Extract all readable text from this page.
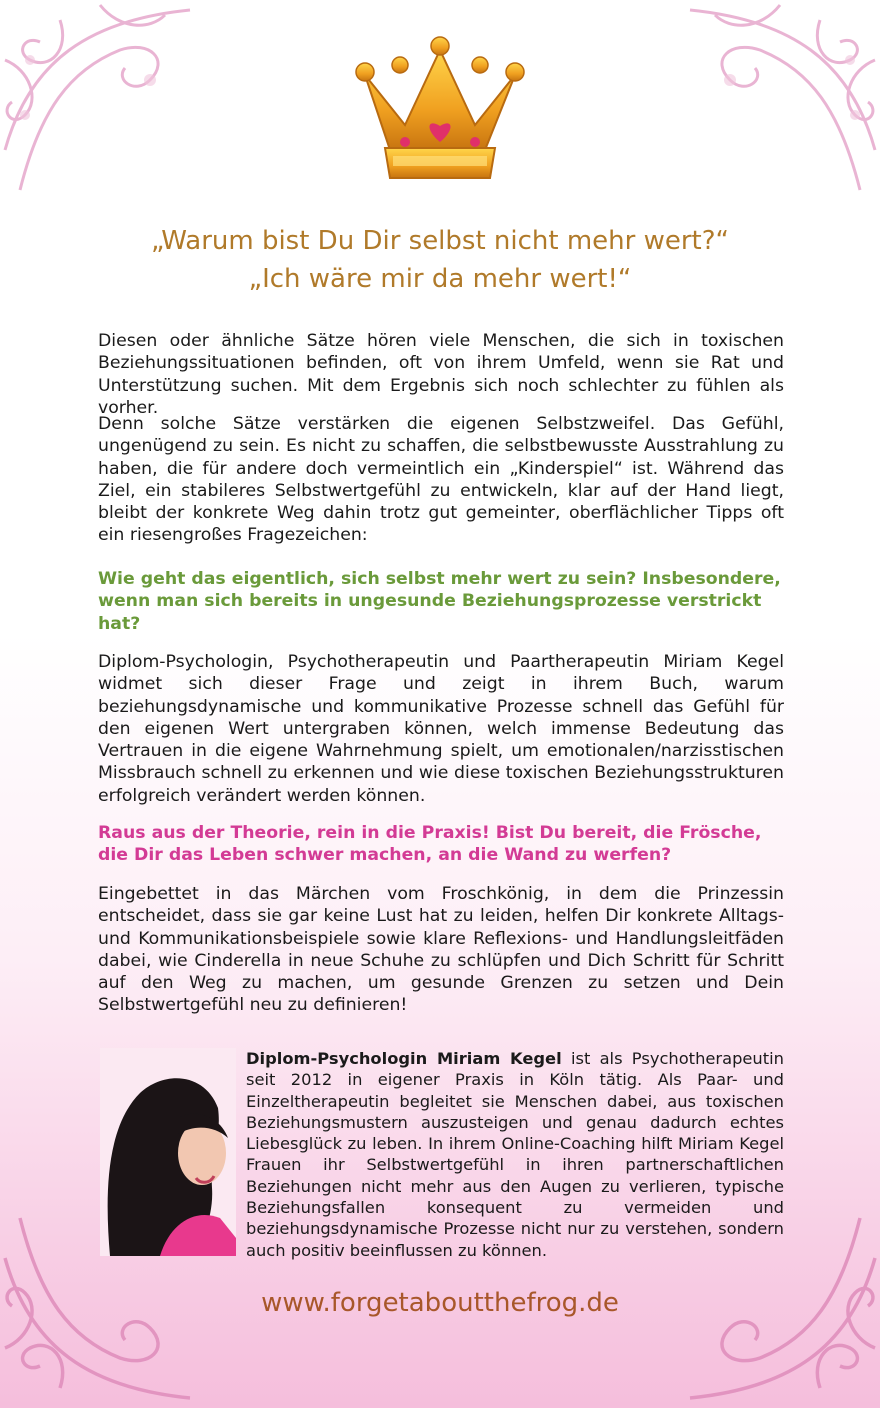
„Warum bist Du Dir selbst nicht mehr wert?“
„Ich wäre mir da mehr wert!“

Diesen oder ähnliche Sätze hören viele Menschen, die sich in toxischen Beziehungssituationen befinden, oft von ihrem Umfeld, wenn sie Rat und Unterstützung suchen. Mit dem Ergebnis sich noch schlechter zu fühlen als vorher.

Denn solche Sätze verstärken die eigenen Selbstzweifel. Das Gefühl, ungenügend zu sein. Es nicht zu schaffen, die selbstbewusste Ausstrahlung zu haben, die für andere doch vermeintlich ein „Kinderspiel“ ist. Während das Ziel, ein stabileres Selbstwertgefühl zu entwickeln, klar auf der Hand liegt, bleibt der konkrete Weg dahin trotz gut gemeinter, oberflächlicher Tipps oft ein riesengroßes Fragezeichen:

Wie geht das eigentlich, sich selbst mehr wert zu sein? Insbesondere, wenn man sich bereits in ungesunde Beziehungsprozesse verstrickt hat?

Diplom-Psychologin, Psychotherapeutin und Paartherapeutin Miriam Kegel widmet sich dieser Frage und zeigt in ihrem Buch, warum beziehungsdynamische und kommunikative Prozesse schnell das Gefühl für den eigenen Wert untergraben können, welch immense Bedeutung das Vertrauen in die eigene Wahrnehmung spielt, um emotionalen/narzisstischen Missbrauch schnell zu erkennen und wie diese toxischen Beziehungsstrukturen erfolgreich verändert werden können.

Raus aus der Theorie, rein in die Praxis! Bist Du bereit, die Frösche, die Dir das Leben schwer machen, an die Wand zu werfen?

Eingebettet in das Märchen vom Froschkönig, in dem die Prinzessin entscheidet, dass sie gar keine Lust hat zu leiden, helfen Dir konkrete Alltags- und Kommunikationsbeispiele sowie klare Reflexions- und Handlungsleitfäden dabei, wie Cinderella in neue Schuhe zu schlüpfen und Dich Schritt für Schritt auf den Weg zu machen, um gesunde Grenzen zu setzen und Dein Selbstwertgefühl neu zu definieren!

Diplom-Psychologin Miriam Kegel ist als Psychotherapeutin seit 2012 in eigener Praxis in Köln tätig. Als Paar- und Einzeltherapeutin begleitet sie Menschen dabei, aus toxischen Beziehungsmustern auszusteigen und genau dadurch echtes Liebesglück zu leben. In ihrem Online-Coaching hilft Miriam Kegel Frauen ihr Selbstwertgefühl in ihren partnerschaftlichen Beziehungen nicht mehr aus den Augen zu verlieren, typische Beziehungsfallen konsequent zu vermeiden und beziehungsdynamische Prozesse nicht nur zu verstehen, sondern auch positiv beeinflussen zu können.
www.forgetaboutthefrog.de
